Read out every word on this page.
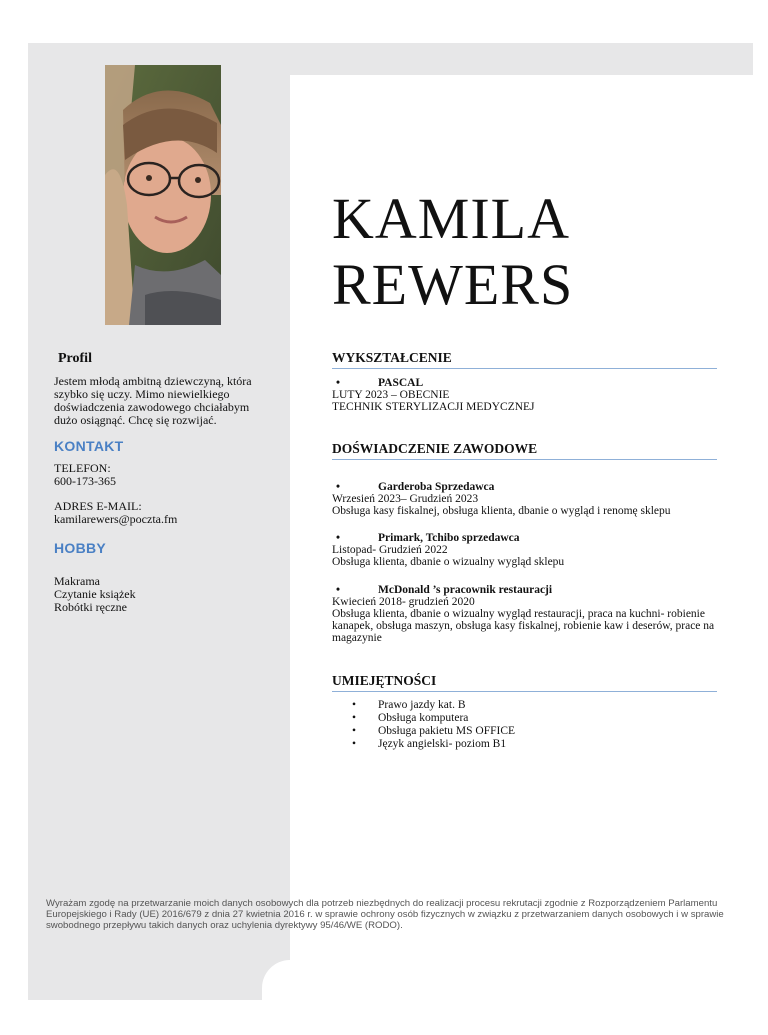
KAMILA
REWERS
Profil
Jestem młodą ambitną dziewczyną, która szybko się uczy. Mimo niewielkiego doświadczenia zawodowego chciałabym dużo osiągnąć. Chcę się rozwijać.
KONTAKT
TELEFON:
600-173-365
ADRES E-MAIL:
kamilarewers@poczta.fm
HOBBY
Makrama
Czytanie książek
Robótki ręczne
WYKSZTAŁCENIE
• PASCAL
LUTY 2023 – OBECNIE
TECHNIK STERYLIZACJI MEDYCZNEJ
DOŚWIADCZENIE ZAWODOWE
• Garderoba Sprzedawca
Wrzesień 2023– Grudzień 2023
Obsługa kasy fiskalnej, obsługa klienta, dbanie o wygląd i renomę sklepu
• Primark, Tchibo sprzedawca
Listopad- Grudzień 2022
Obsługa klienta, dbanie o wizualny wygląd sklepu
• McDonald ’s pracownik restauracji
Kwiecień 2018- grudzień 2020
Obsługa klienta, dbanie o wizualny wygląd restauracji, praca na kuchni- robienie kanapek, obsługa maszyn, obsługa kasy fiskalnej, robienie kaw i deserów, prace na magazynie
UMIEJĘTNOŚCI
• Prawo jazdy kat. B
• Obsługa komputera
• Obsługa pakietu MS OFFICE
• Język angielski- poziom B1
Wyrażam zgodę na przetwarzanie moich danych osobowych dla potrzeb niezbędnych do realizacji procesu rekrutacji zgodnie z Rozporządzeniem Parlamentu Europejskiego i Rady (UE) 2016/679 z dnia 27 kwietnia 2016 r. w sprawie ochrony osób fizycznych w związku z przetwarzaniem danych osobowych i w sprawie swobodnego przepływu takich danych oraz uchylenia dyrektywy 95/46/WE (RODO).
